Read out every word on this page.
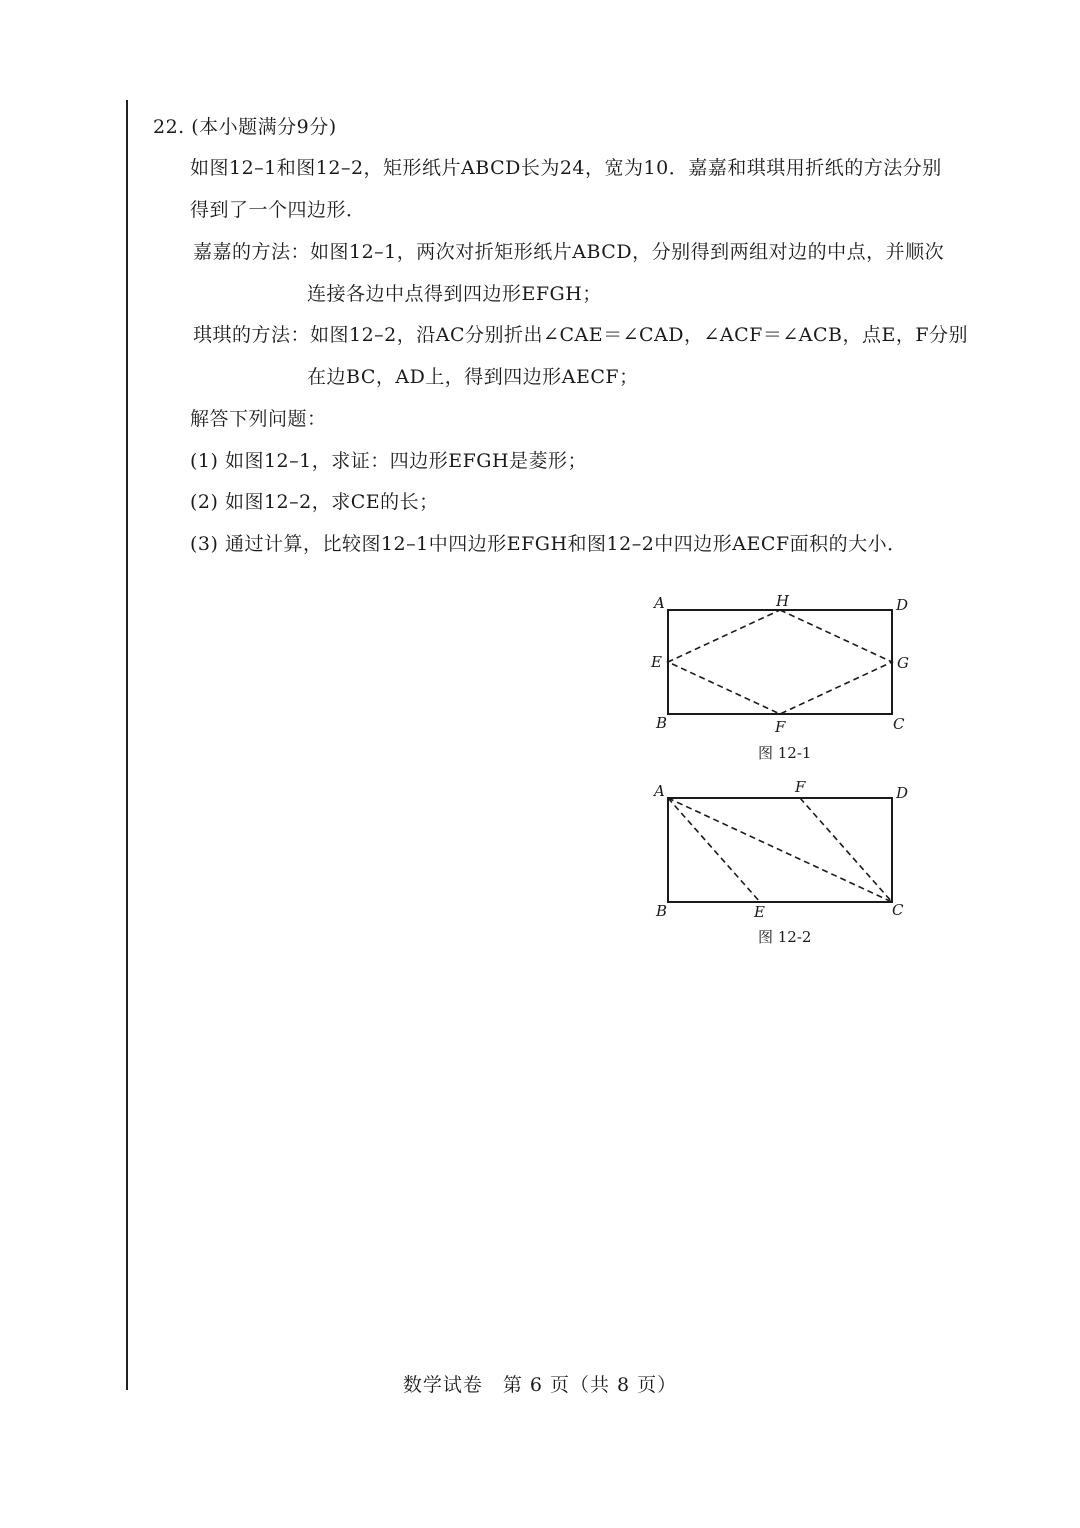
22. (本小题满分9分)
如图12–1和图12–2，矩形纸片ABCD长为24，宽为10．嘉嘉和琪琪用折纸的方法分别
得到了一个四边形．
嘉嘉的方法：如图12–1，两次对折矩形纸片ABCD，分别得到两组对边的中点，并顺次
连接各边中点得到四边形EFGH；
琪琪的方法：如图12–2，沿AC分别折出∠CAE＝∠CAD，∠ACF＝∠ACB，点E，F分别
在边BC，AD上，得到四边形AECF；
解答下列问题：
(1) 如图12–1，求证：四边形EFGH是菱形；
(2) 如图12–2，求CE的长；
(3) 通过计算，比较图12–1中四边形EFGH和图12–2中四边形AECF面积的大小．
A	H	D
E	G
B	F	C
图 12-1
A	F	D
B	E	C
图 12-2
数学试卷　第 6 页（共 8 页）
